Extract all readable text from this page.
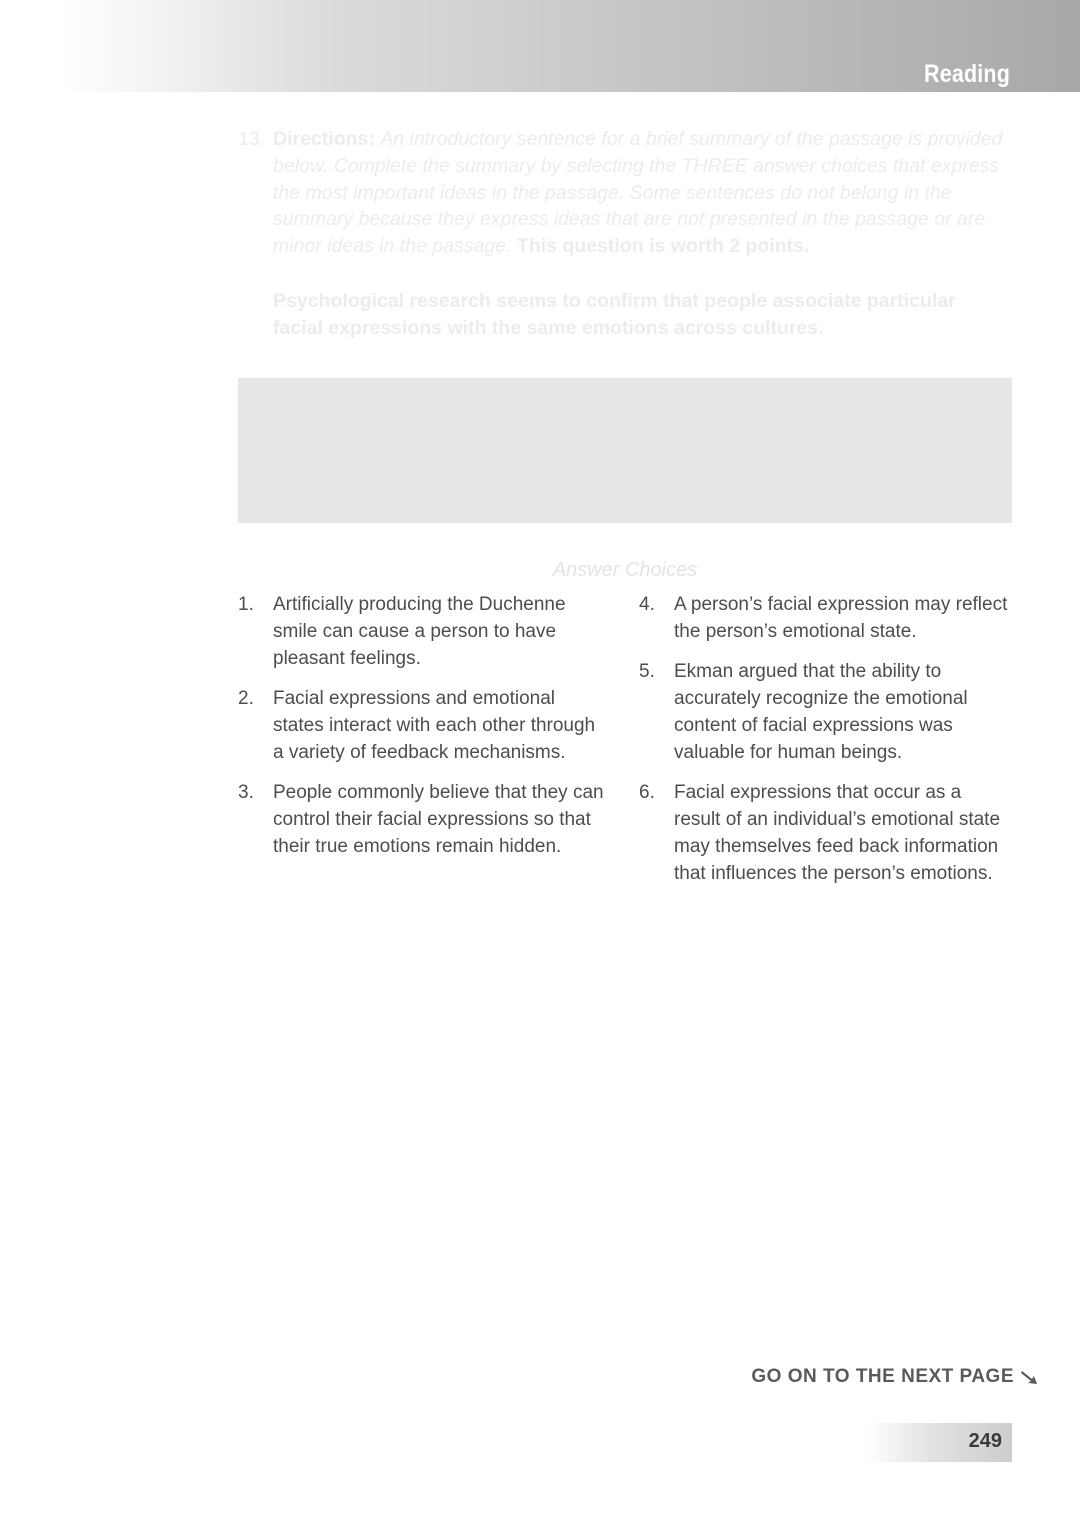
Reading
13. Directions: An introductory sentence for a brief summary of the passage is provided below. Complete the summary by selecting the THREE answer choices that express the most important ideas in the passage. Some sentences do not belong in the summary because they express ideas that are not presented in the passage or are minor ideas in the passage. This question is worth 2 points.
Psychological research seems to confirm that people associate particular facial expressions with the same emotions across cultures.
Answer Choices
1. Artificially producing the Duchenne smile can cause a person to have pleasant feelings.
2. Facial expressions and emotional states interact with each other through a variety of feedback mechanisms.
3. People commonly believe that they can control their facial expressions so that their true emotions remain hidden.
4. A person’s facial expression may reflect the person’s emotional state.
5. Ekman argued that the ability to accurately recognize the emotional content of facial expressions was valuable for human beings.
6. Facial expressions that occur as a result of an individual’s emotional state may themselves feed back information that influences the person’s emotions.
GO ON TO THE NEXT PAGE
249
